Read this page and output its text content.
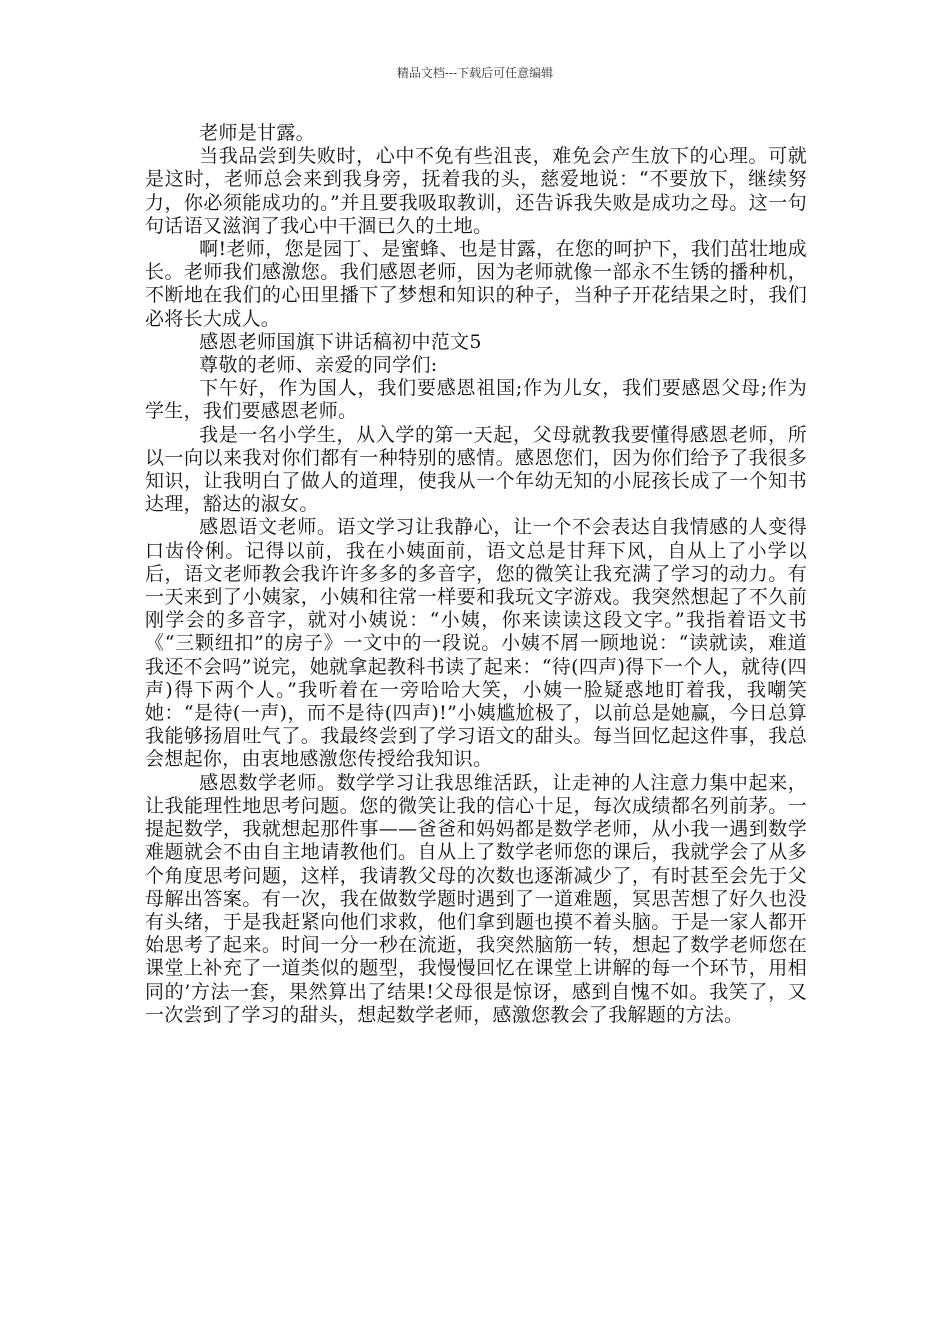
精品文档---下载后可任意编辑

老师是甘露。

当我品尝到失败时，心中不免有些沮丧，难免会产生放下的心理。可就是这时，老师总会来到我身旁，抚着我的头，慈爱地说：“不要放下，继续努力，你必须能成功的。”并且要我吸取教训，还告诉我失败是成功之母。这一句句话语又滋润了我心中干涸已久的土地。

啊!老师，您是园丁、是蜜蜂、也是甘露，在您的呵护下，我们茁壮地成长。老师我们感激您。我们感恩老师，因为老师就像一部永不生锈的播种机，不断地在我们的心田里播下了梦想和知识的种子，当种子开花结果之时，我们必将长大成人。

感恩老师国旗下讲话稿初中范文5

尊敬的老师、亲爱的同学们:

下午好，作为国人，我们要感恩祖国;作为儿女，我们要感恩父母;作为学生，我们要感恩老师。

我是一名小学生，从入学的第一天起，父母就教我要懂得感恩老师，所以一向以来我对你们都有一种特别的感情。感恩您们，因为你们给予了我很多知识，让我明白了做人的道理，使我从一个年幼无知的小屁孩长成了一个知书达理，豁达的淑女。

感恩语文老师。语文学习让我静心，让一个不会表达自我情感的人变得口齿伶俐。记得以前，我在小姨面前，语文总是甘拜下风，自从上了小学以后，语文老师教会我许许多多的多音字，您的微笑让我充满了学习的动力。有一天来到了小姨家，小姨和往常一样要和我玩文字游戏。我突然想起了不久前刚学会的多音字，就对小姨说：“小姨，你来读读这段文字。”我指着语文书《“三颗纽扣”的房子》一文中的一段说。小姨不屑一顾地说：“读就读，难道我还不会吗”说完，她就拿起教科书读了起来：“待(四声)得下一个人，就待(四声)得下两个人。”我听着在一旁哈哈大笑，小姨一脸疑惑地盯着我，我嘲笑她：“是待(一声)，而不是待(四声)!”小姨尴尬极了，以前总是她赢，今日总算我能够扬眉吐气了。我最终尝到了学习语文的甜头。每当回忆起这件事，我总会想起你，由衷地感激您传授给我知识。

感恩数学老师。数学学习让我思维活跃，让走神的人注意力集中起来，让我能理性地思考问题。您的微笑让我的信心十足，每次成绩都名列前茅。一提起数学，我就想起那件事——爸爸和妈妈都是数学老师，从小我一遇到数学难题就会不由自主地请教他们。自从上了数学老师您的课后，我就学会了从多个角度思考问题，这样，我请教父母的次数也逐渐减少了，有时甚至会先于父母解出答案。有一次，我在做数学题时遇到了一道难题，冥思苦想了好久也没有头绪，于是我赶紧向他们求救，他们拿到题也摸不着头脑。于是一家人都开始思考了起来。时间一分一秒在流逝，我突然脑筋一转，想起了数学老师您在课堂上补充了一道类似的题型，我慢慢回忆在课堂上讲解的每一个环节，用相同的’方法一套，果然算出了结果!父母很是惊讶，感到自愧不如。我笑了，又一次尝到了学习的甜头，想起数学老师，感激您教会了我解题的方法。
